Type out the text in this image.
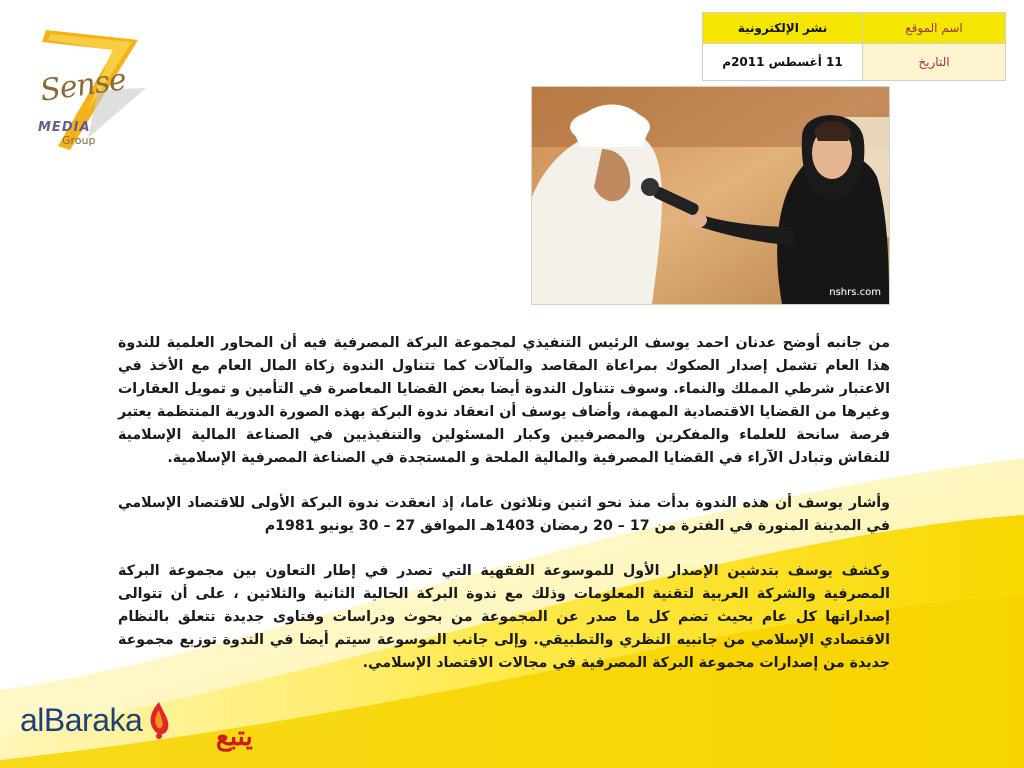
Sense
MEDIA
Group
اسم الموقع	نشر الإلكترونية
التاريخ	11 أغسطس 2011م
nshrs.com

من جانبه أوضح عدنان احمد يوسف الرئيس التنفيذي لمجموعة البركة المصرفية فيه أن المحاور العلمية للندوة هذا العام تشمل إصدار الصكوك بمراعاة المقاصد والمآلات كما تتناول الندوة زكاة المال العام مع الأخذ في الاعتبار شرطي المملك والنماء. وسوف تتناول الندوة أيضا بعض القضايا المعاصرة في التأمين و تمويل العقارات وغيرها من القضايا الاقتصادية المهمة، وأضاف يوسف أن انعقاد ندوة البركة بهذه الصورة الدورية المنتظمة يعتبر فرصة سانحة للعلماء والمفكرين والمصرفيين وكبار المسئولين والتنفيذيين في الصناعة المالية الإسلامية للنقاش وتبادل الآراء في القضايا المصرفية والمالية الملحة و المستجدة في الصناعة المصرفية الإسلامية.

وأشار يوسف أن هذه الندوة بدأت منذ نحو اثنين وثلاثون عاما، إذ انعقدت ندوة البركة الأولى للاقتصاد الإسلامي في المدينة المنورة في الفترة من 17 – 20 رمضان 1403هـ الموافق 27 – 30 يونيو 1981م

وكشف يوسف بتدشين الإصدار الأول للموسوعة الفقهية التي تصدر في إطار التعاون بين مجموعة البركة المصرفية والشركة العربية لتقنية المعلومات وذلك مع ندوة البركة الحالية الثانية والثلاثين ، على أن تتوالى إصداراتها كل عام بحيث تضم كل ما صدر عن المجموعة من بحوث ودراسات وفتاوى جديدة تتعلق بالنظام الاقتصادي الإسلامي من جانبيه النظري والتطبيقي. وإلى جانب الموسوعة سيتم أيضا في الندوة توزيع مجموعة جديدة من إصدارات مجموعة البركة المصرفية في مجالات الاقتصاد الإسلامي.

alBaraka	يتبع
